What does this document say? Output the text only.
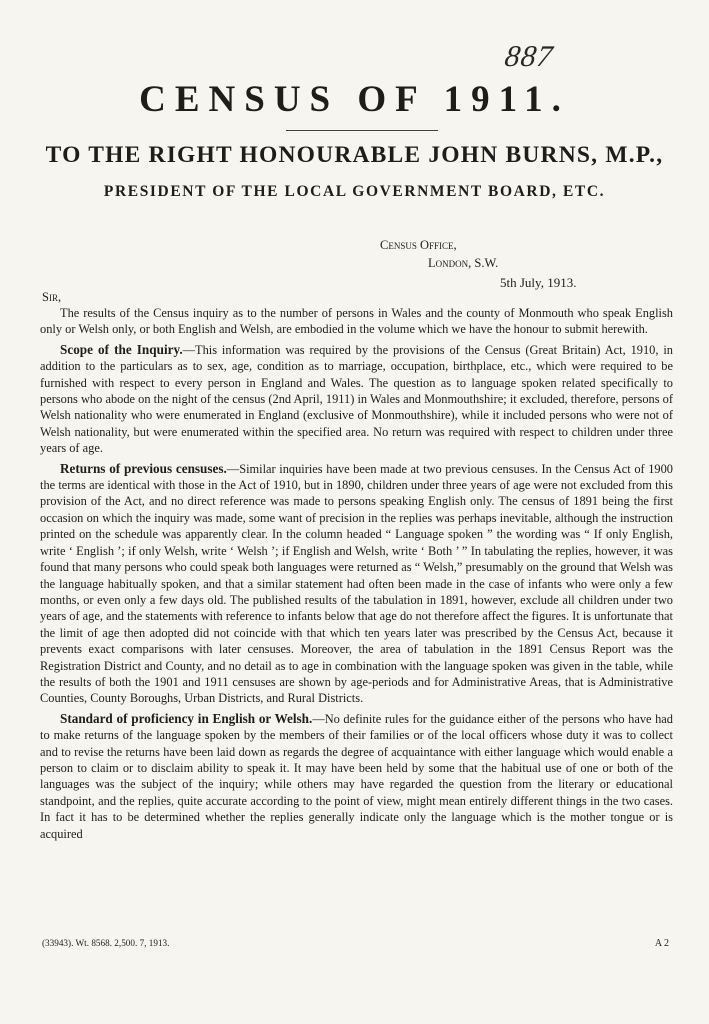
887
CENSUS OF 1911.
TO THE RIGHT HONOURABLE JOHN BURNS, M.P.,
PRESIDENT OF THE LOCAL GOVERNMENT BOARD, ETC.
Census Office,
London, S.W.
5th July, 1913.
Sir,

The results of the Census inquiry as to the number of persons in Wales and the county of Monmouth who speak English only or Welsh only, or both English and Welsh, are embodied in the volume which we have the honour to submit herewith.

Scope of the Inquiry.—This information was required by the provisions of the Census (Great Britain) Act, 1910, in addition to the particulars as to sex, age, condition as to marriage, occupation, birthplace, etc., which were required to be furnished with respect to every person in England and Wales. The question as to language spoken related specifically to persons who abode on the night of the census (2nd April, 1911) in Wales and Monmouthshire; it excluded, therefore, persons of Welsh nationality who were enumerated in England (exclusive of Monmouthshire), while it included persons who were not of Welsh nationality, but were enumerated within the specified area. No return was required with respect to children under three years of age.

Returns of previous censuses.—Similar inquiries have been made at two previous censuses. In the Census Act of 1900 the terms are identical with those in the Act of 1910, but in 1890, children under three years of age were not excluded from this provision of the Act, and no direct reference was made to persons speaking English only. The census of 1891 being the first occasion on which the inquiry was made, some want of precision in the replies was perhaps inevitable, although the instruction printed on the schedule was apparently clear. In the column headed “ Language spoken ” the wording was “ If only English, write ‘ English ’; if only Welsh, write ‘ Welsh ’; if English and Welsh, write ‘ Both ’ ” In tabulating the replies, however, it was found that many persons who could speak both languages were returned as “ Welsh,” presumably on the ground that Welsh was the language habitually spoken, and that a similar statement had often been made in the case of infants who were only a few months, or even only a few days old. The published results of the tabulation in 1891, however, exclude all children under two years of age, and the statements with reference to infants below that age do not therefore affect the figures. It is unfortunate that the limit of age then adopted did not coincide with that which ten years later was prescribed by the Census Act, because it prevents exact comparisons with later censuses. Moreover, the area of tabulation in the 1891 Census Report was the Registration District and County, and no detail as to age in combination with the language spoken was given in the table, while the results of both the 1901 and 1911 censuses are shown by age-periods and for Administrative Areas, that is Administrative Counties, County Boroughs, Urban Districts, and Rural Districts.

Standard of proficiency in English or Welsh.—No definite rules for the guidance either of the persons who have had to make returns of the language spoken by the members of their families or of the local officers whose duty it was to collect and to revise the returns have been laid down as regards the degree of acquaintance with either language which would enable a person to claim or to disclaim ability to speak it. It may have been held by some that the habitual use of one or both of the languages was the subject of the inquiry; while others may have regarded the question from the literary or educational standpoint, and the replies, quite accurate according to the point of view, might mean entirely different things in the two cases. In fact it has to be determined whether the replies generally indicate only the language which is the mother tongue or is acquired

(33943). Wt. 8568. 2,500. 7, 1913.	A 2
